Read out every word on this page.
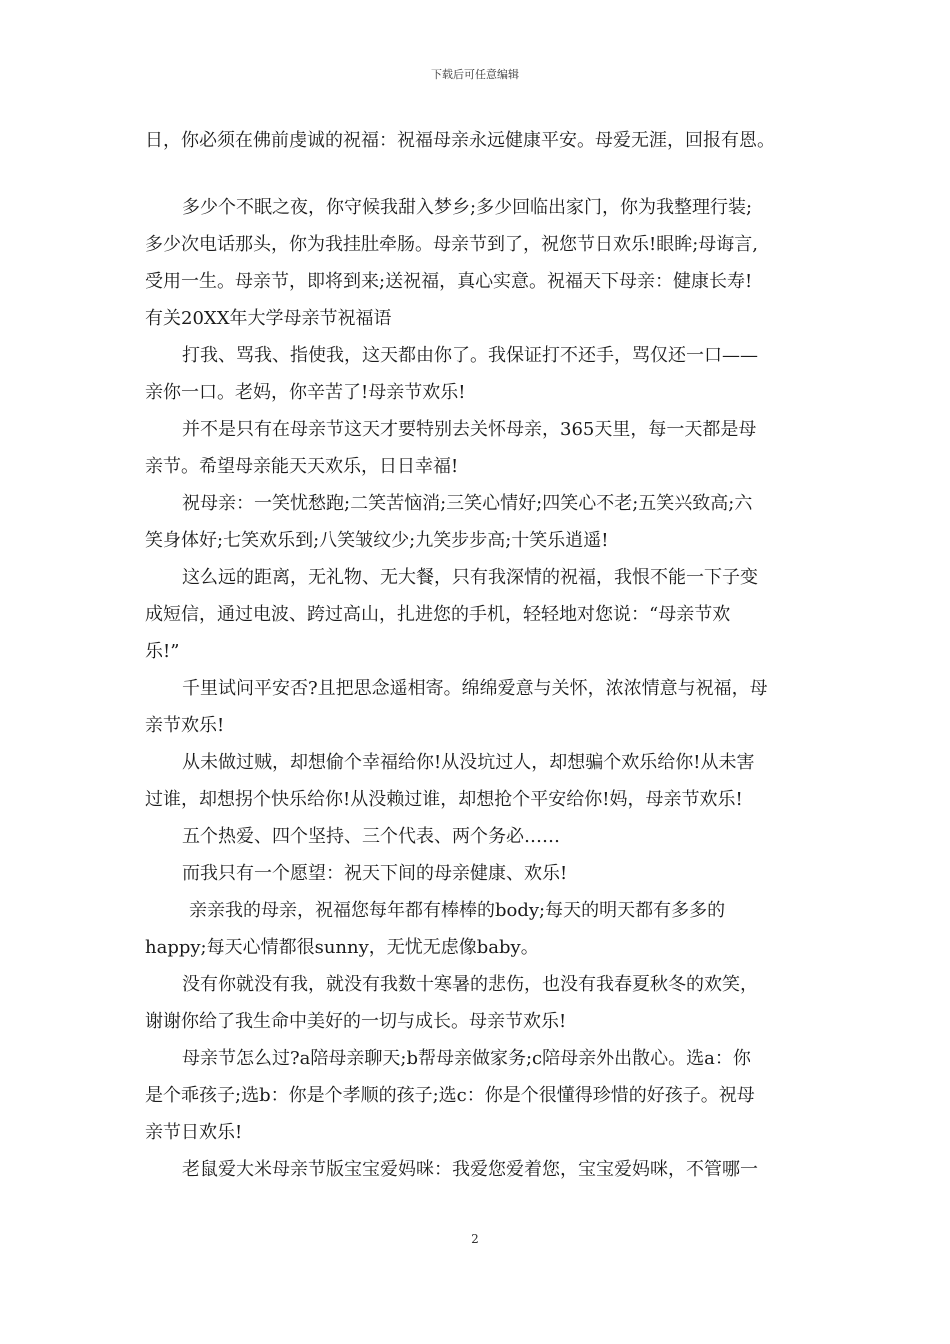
下载后可任意编辑
日，你必须在佛前虔诚的祝福：祝福母亲永远健康平安。母爱无涯，回报有恩。
多少个不眠之夜，你守候我甜入梦乡;多少回临出家门，你为我整理行装;
多少次电话那头，你为我挂肚牵肠。母亲节到了，祝您节日欢乐!眼眸;母诲言,
受用一生。母亲节，即将到来;送祝福，真心实意。祝福天下母亲：健康长寿!
有关20XX年大学母亲节祝福语
打我、骂我、指使我，这天都由你了。我保证打不还手，骂仅还一口——
亲你一口。老妈，你辛苦了!母亲节欢乐!
并不是只有在母亲节这天才要特别去关怀母亲，365天里，每一天都是母
亲节。希望母亲能天天欢乐，日日幸福!
祝母亲：一笑忧愁跑;二笑苦恼消;三笑心情好;四笑心不老;五笑兴致高;六
笑身体好;七笑欢乐到;八笑皱纹少;九笑步步高;十笑乐逍遥!
这么远的距离，无礼物、无大餐，只有我深情的祝福，我恨不能一下子变
成短信，通过电波、跨过高山，扎进您的手机，轻轻地对您说：“母亲节欢
乐!”
千里试问平安否?且把思念遥相寄。绵绵爱意与关怀，浓浓情意与祝福，母
亲节欢乐!
从未做过贼，却想偷个幸福给你!从没坑过人，却想骗个欢乐给你!从未害
过谁，却想拐个快乐给你!从没赖过谁，却想抢个平安给你!妈，母亲节欢乐!
五个热爱、四个坚持、三个代表、两个务必……
而我只有一个愿望：祝天下间的母亲健康、欢乐!
亲亲我的母亲，祝福您每年都有棒棒的body;每天的明天都有多多的
happy;每天心情都很sunny，无忧无虑像baby。
没有你就没有我，就没有我数十寒暑的悲伤，也没有我春夏秋冬的欢笑，
谢谢你给了我生命中美好的一切与成长。母亲节欢乐!
母亲节怎么过?a陪母亲聊天;b帮母亲做家务;c陪母亲外出散心。选a：你
是个乖孩子;选b：你是个孝顺的孩子;选c：你是个很懂得珍惜的好孩子。祝母
亲节日欢乐!
老鼠爱大米母亲节版宝宝爱妈咪：我爱您爱着您，宝宝爱妈咪，不管哪一
2
